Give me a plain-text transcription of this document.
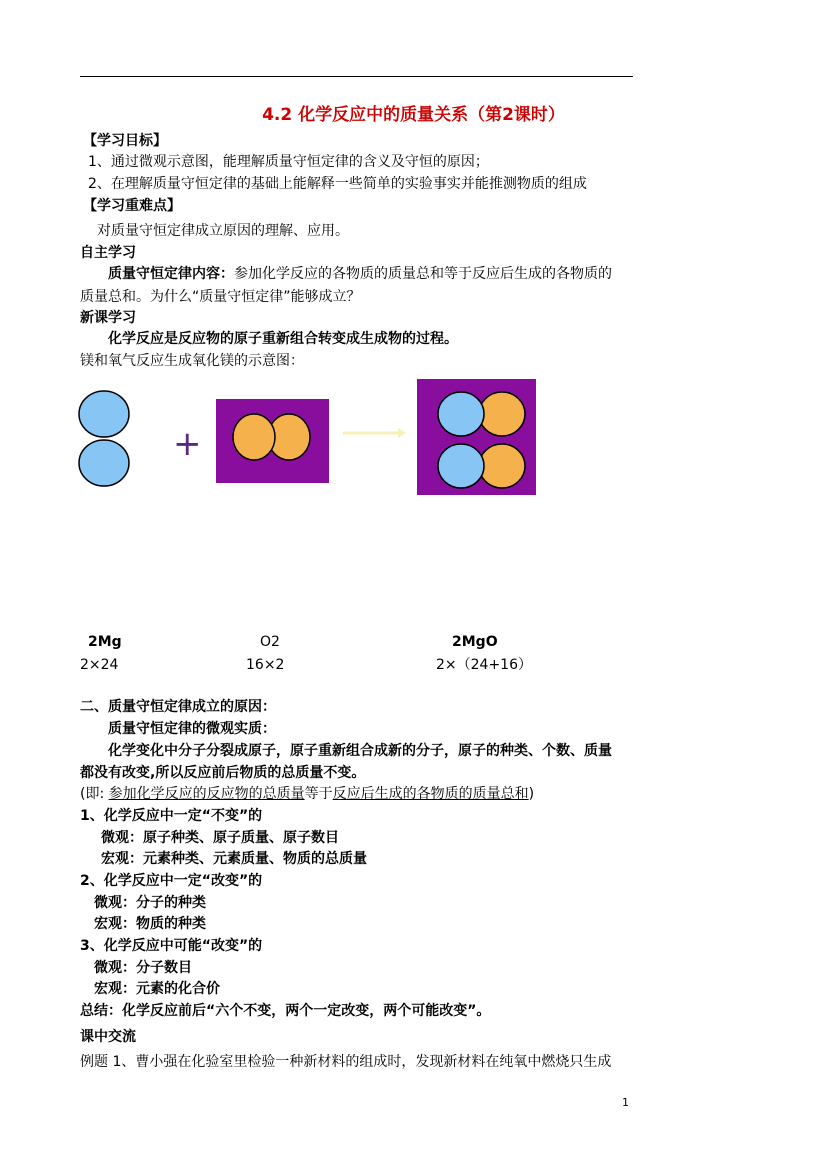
4.2 化学反应中的质量关系（第2课时）
【学习目标】
1、通过微观示意图，能理解质量守恒定律的含义及守恒的原因；
2、在理解质量守恒定律的基础上能解释一些简单的实验事实并能推测物质的组成
【学习重难点】
对质量守恒定律成立原因的理解、应用。
自主学习
质量守恒定律内容：参加化学反应的各物质的质量总和等于反应后生成的各物质的
质量总和。为什么“质量守恒定律”能够成立？
新课学习
化学反应是反应物的原子重新组合转变成生成物的过程。
镁和氧气反应生成氧化镁的示意图：
+
2Mg	O2	2MgO
2×24	16×2	2×（24+16）
二、质量守恒定律成立的原因：
质量守恒定律的微观实质：
化学变化中分子分裂成原子，原子重新组合成新的分子，原子的种类、个数、质量
都没有改变,所以反应前后物质的总质量不变。
(即: 参加化学反应的反应物的总质量等于反应后生成的各物质的质量总和)
1、化学反应中一定“不变”的
微观：原子种类、原子质量、原子数目
宏观：元素种类、元素质量、物质的总质量
2、化学反应中一定“改变”的
微观：分子的种类
宏观：物质的种类
3、化学反应中可能“改变”的
微观：分子数目
宏观：元素的化合价
总结：化学反应前后“六个不变，两个一定改变，两个可能改变”。
课中交流
例题 1、曹小强在化验室里检验一种新材料的组成时，发现新材料在纯氧中燃烧只生成
1
